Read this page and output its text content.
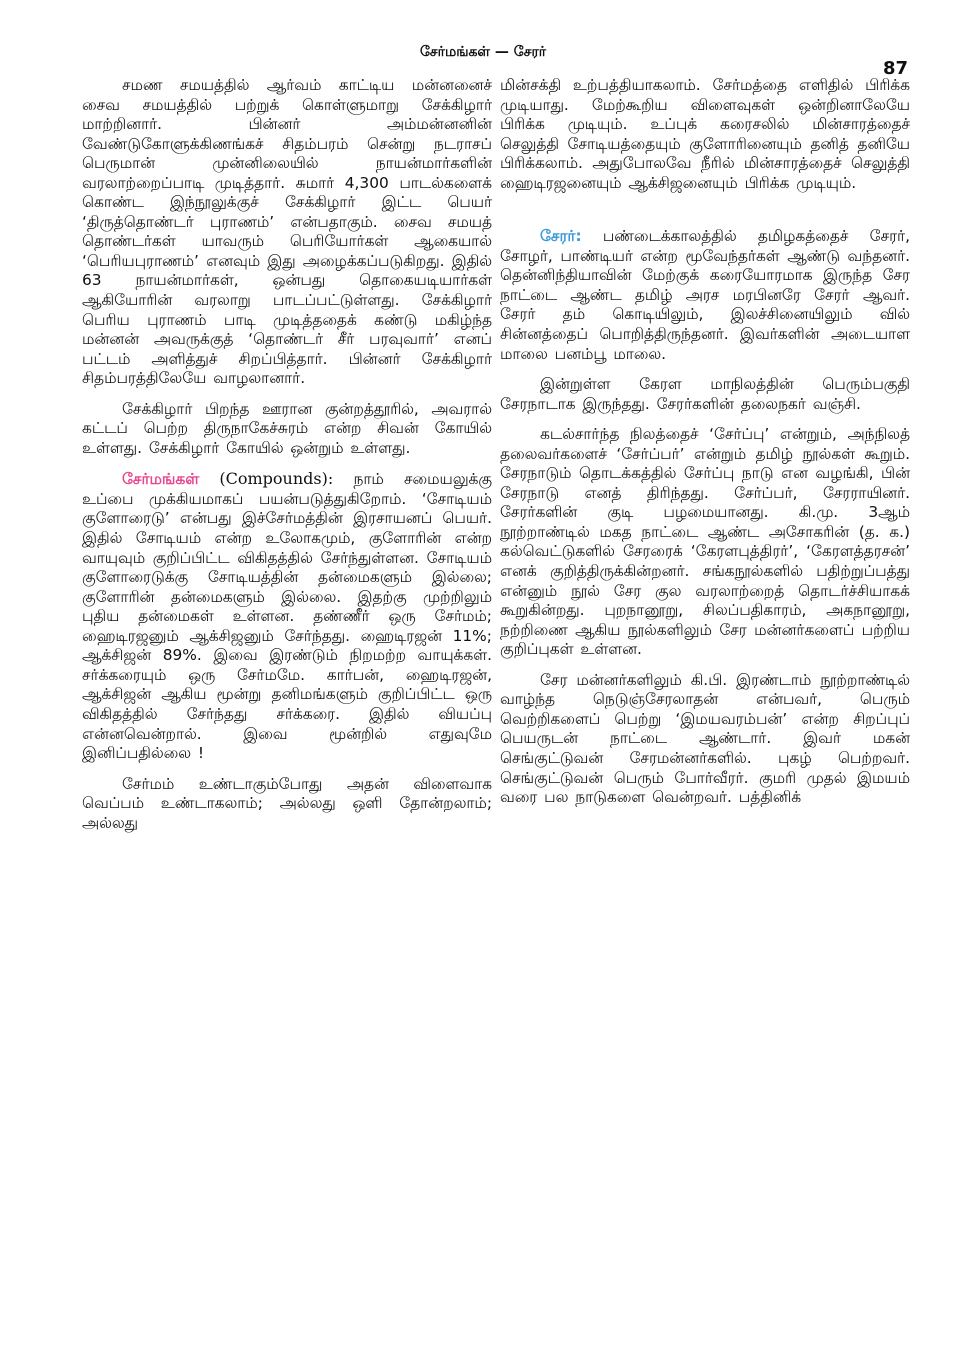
சேர்மங்கள் — சேரர்
87

சமண சமயத்தில் ஆர்வம் காட்டிய மன்னனைச் சைவ சமயத்தில் பற்றுக் கொள்ளுமாறு சேக்கிழார் மாற்றினார். பின்னர் அம்மன்னனின் வேண்டுகோளுக்கிணங்கச் சிதம்பரம் சென்று நடராசப் பெருமான் முன்னிலையில் நாயன்மார்களின் வரலாற்றைப்பாடி முடித்தார். சுமார் 4,300 பாடல்களைக் கொண்ட இந்நூலுக்குச் சேக்கிழார் இட்ட பெயர் ‘திருத்தொண்டர் புராணம்’ என்பதாகும். சைவ சமயத் தொண்டர்கள் யாவரும் பெரியோர்கள் ஆகையால் ‘பெரியபுராணம்’ எனவும் இது அழைக்கப்படுகிறது. இதில் 63 நாயன்மார்கள், ஒன்பது தொகையடியார்கள் ஆகியோரின் வரலாறு பாடப்பட்டுள்ளது. சேக்கிழார் பெரிய புராணம் பாடி முடித்ததைக் கண்டு மகிழ்ந்த மன்னன் அவருக்குத் ‘தொண்டர் சீர் பரவுவார்’ எனப் பட்டம் அளித்துச் சிறப்பித்தார். பின்னர் சேக்கிழார் சிதம்பரத்திலேயே வாழலானார்.

சேக்கிழார் பிறந்த ஊரான குன்றத்தூரில், அவரால் கட்டப் பெற்ற திருநாகேச்சுரம் என்ற சிவன் கோயில் உள்ளது. சேக்கிழார் கோயில் ஒன்றும் உள்ளது.

சேர்மங்கள் (Compounds): நாம் சமையலுக்கு உப்பை முக்கியமாகப் பயன்படுத்துகிறோம். ‘சோடியம் குளோரைடு’ என்பது இச்சேர்மத்தின் இரசாயனப் பெயர். இதில் சோடியம் என்ற உலோகமும், குளோரின் என்ற வாயுவும் குறிப்பிட்ட விகிதத்தில் சேர்ந்துள்ளன. சோடியம் குளோரைடுக்கு சோடியத்தின் தன்மைகளும் இல்லை; குளோரின் தன்மைகளும் இல்லை. இதற்கு முற்றிலும் புதிய தன்மைகள் உள்ளன. தண்ணீர் ஒரு சேர்மம்; ஹைடிரஜனும் ஆக்சிஜனும் சேர்ந்தது. ஹைடிரஜன் 11%; ஆக்சிஜன் 89%. இவை இரண்டும் நிறமற்ற வாயுக்கள். சர்க்கரையும் ஒரு சேர்மமே. கார்பன், ஹைடிரஜன், ஆக்சிஜன் ஆகிய மூன்று தனிமங்களும் குறிப்பிட்ட ஒரு விகிதத்தில் சேர்ந்தது சர்க்கரை. இதில் வியப்பு என்னவென்றால். இவை மூன்றில் எதுவுமே இனிப்பதில்லை !

சேர்மம் உண்டாகும்போது அதன் விளைவாக வெப்பம் உண்டாகலாம்; அல்லது ஒளி தோன்றலாம்; அல்லது

மின்சக்தி உற்பத்தியாகலாம். சேர்மத்தை எளிதில் பிரிக்க முடியாது. மேற்கூறிய விளைவுகள் ஒன்றினாலேயே பிரிக்க முடியும். உப்புக் கரைசலில் மின்சாரத்தைச் செலுத்தி சோடியத்தையும் குளோரினையும் தனித் தனியே பிரிக்கலாம். அதுபோலவே நீரில் மின்சாரத்தைச் செலுத்தி ஹைடிரஜனையும் ஆக்சிஜனையும் பிரிக்க முடியும்.

சேரர்: பண்டைக்காலத்தில் தமிழகத்தைச் சேரர், சோழர், பாண்டியர் என்ற மூவேந்தர்கள் ஆண்டு வந்தனர். தென்னிந்தியாவின் மேற்குக் கரையோரமாக இருந்த சேர நாட்டை ஆண்ட தமிழ் அரச மரபினரே சேரர் ஆவர். சேரர் தம் கொடியிலும், இலச்சினையிலும் வில் சின்னத்தைப் பொறித்திருந்தனர். இவர்களின் அடையாள மாலை பனம்பூ மாலை.

இன்றுள்ள கேரள மாநிலத்தின் பெரும்பகுதி சேரநாடாக இருந்தது. சேரர்களின் தலைநகர் வஞ்சி.

கடல்சார்ந்த நிலத்தைச் ‘சேர்ப்பு’ என்றும், அந்நிலத் தலைவர்களைச் ‘சேர்ப்பர்’ என்றும் தமிழ் நூல்கள் கூறும். சேரநாடும் தொடக்கத்தில் சேர்ப்பு நாடு என வழங்கி, பின் சேரநாடு எனத் திரிந்தது. சேர்ப்பர், சேரராயினர். சேரர்களின் குடி பழமையானது. கி.மு. 3ஆம் நூற்றாண்டில் மகத நாட்டை ஆண்ட அசோகரின் (த. க.) கல்வெட்டுகளில் சேரரைக் ‘கேரளபுத்திரர்’, ‘கேரளத்தரசன்’ எனக் குறித்திருக்கின்றனர். சங்கநூல்களில் பதிற்றுப்பத்து என்னும் நூல் சேர குல வரலாற்றைத் தொடர்ச்சியாகக் கூறுகின்றது. புறநானூறு, சிலப்பதிகாரம், அகநானூறு, நற்றிணை ஆகிய நூல்களிலும் சேர மன்னர்களைப் பற்றிய குறிப்புகள் உள்ளன.

சேர மன்னர்களிலும் கி.பி. இரண்டாம் நூற்றாண்டில் வாழ்ந்த நெடுஞ்சேரலாதன் என்பவர், பெரும் வெற்றிகளைப் பெற்று ‘இமயவரம்பன்’ என்ற சிறப்புப் பெயருடன் நாட்டை ஆண்டார். இவர் மகன் செங்குட்டுவன் சேரமன்னர்களில். புகழ் பெற்றவர். செங்குட்டுவன் பெரும் போர்வீரர். குமரி முதல் இமயம் வரை பல நாடுகளை வென்றவர். பத்தினிக்
